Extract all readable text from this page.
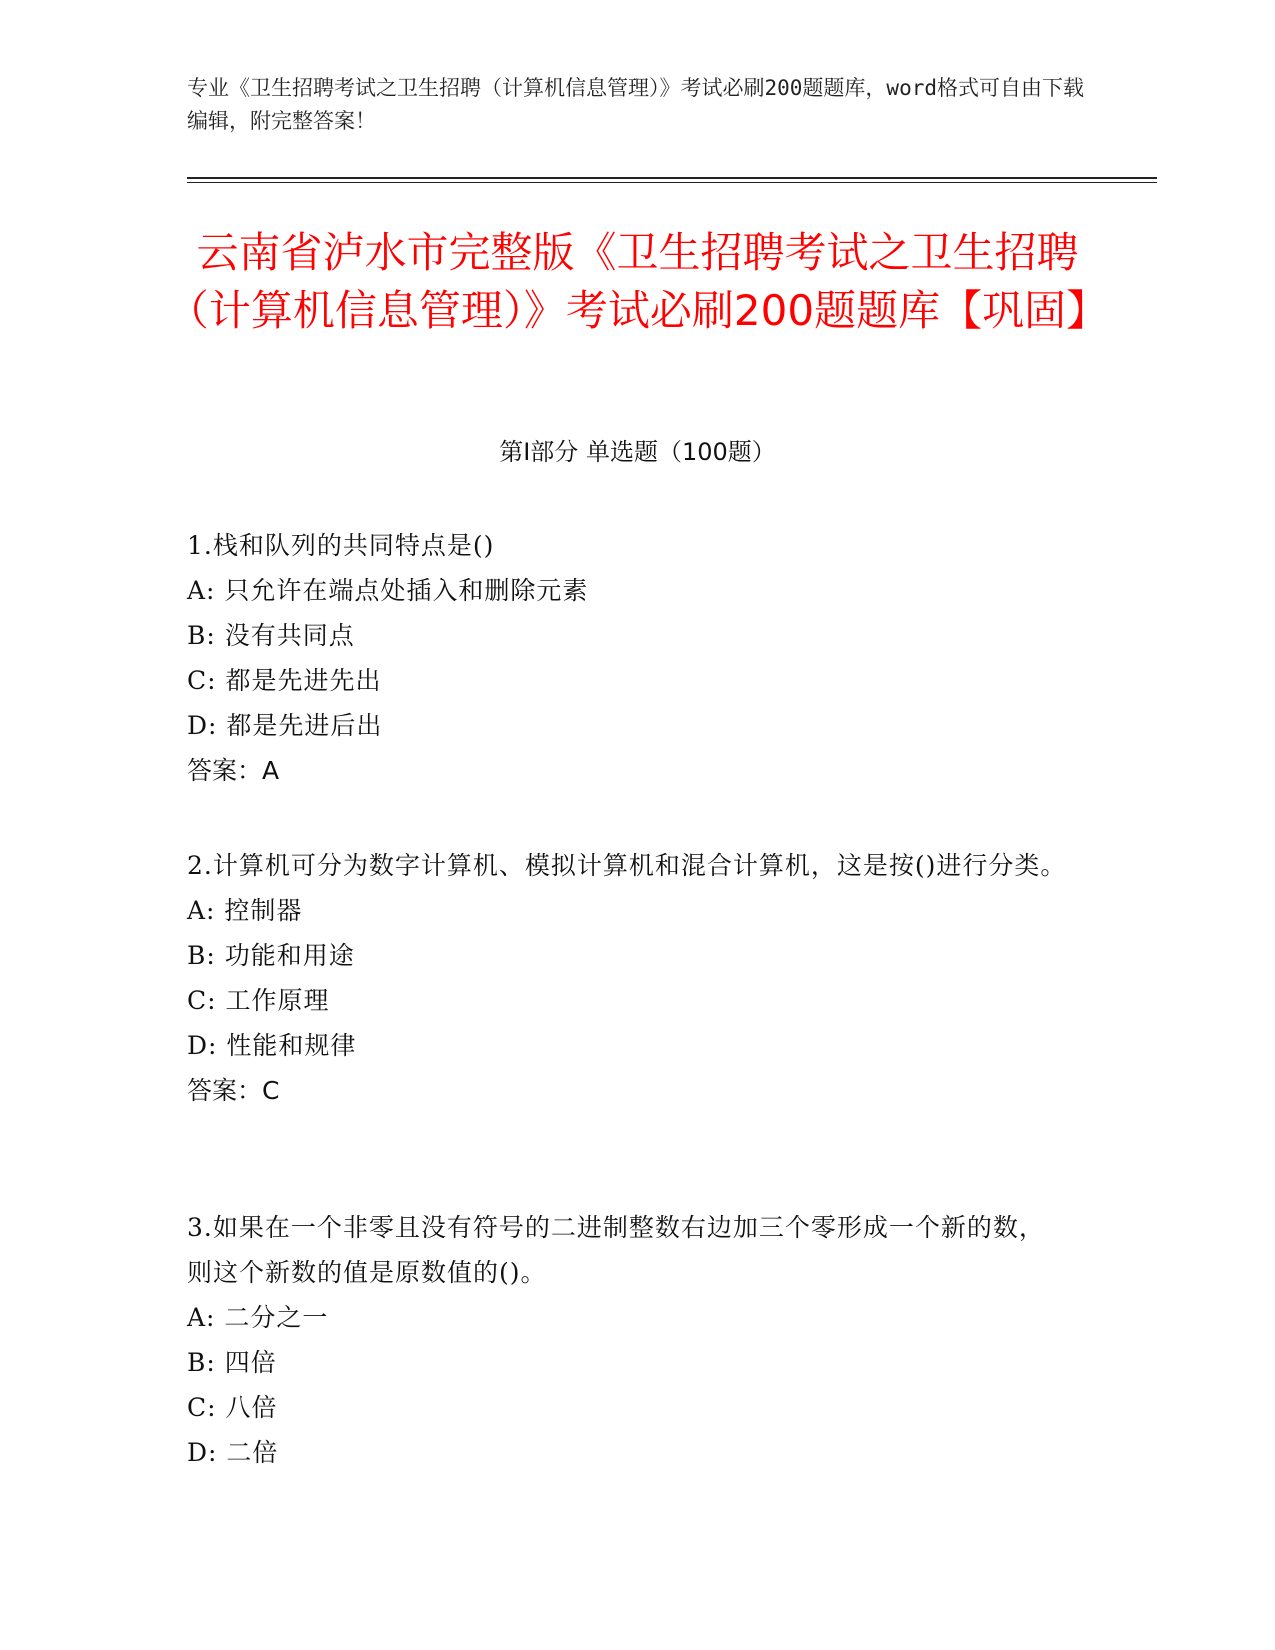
专业《卫生招聘考试之卫生招聘（计算机信息管理）》考试必刷200题题库，word格式可自由下载编辑，附完整答案！
云南省泸水市完整版《卫生招聘考试之卫生招聘（计算机信息管理）》考试必刷200题题库【巩固】
第Ⅰ部分 单选题（100题）

1.栈和队列的共同特点是()

A: 只允许在端点处插入和删除元素

B: 没有共同点

C: 都是先进先出

D: 都是先进后出

答案：A

2.计算机可分为数字计算机、模拟计算机和混合计算机，这是按()进行分类。

A: 控制器

B: 功能和用途

C: 工作原理

D: 性能和规律

答案：C

3.如果在一个非零且没有符号的二进制整数右边加三个零形成一个新的数，则这个新数的值是原数值的()。

A: 二分之一

B: 四倍

C: 八倍

D: 二倍
